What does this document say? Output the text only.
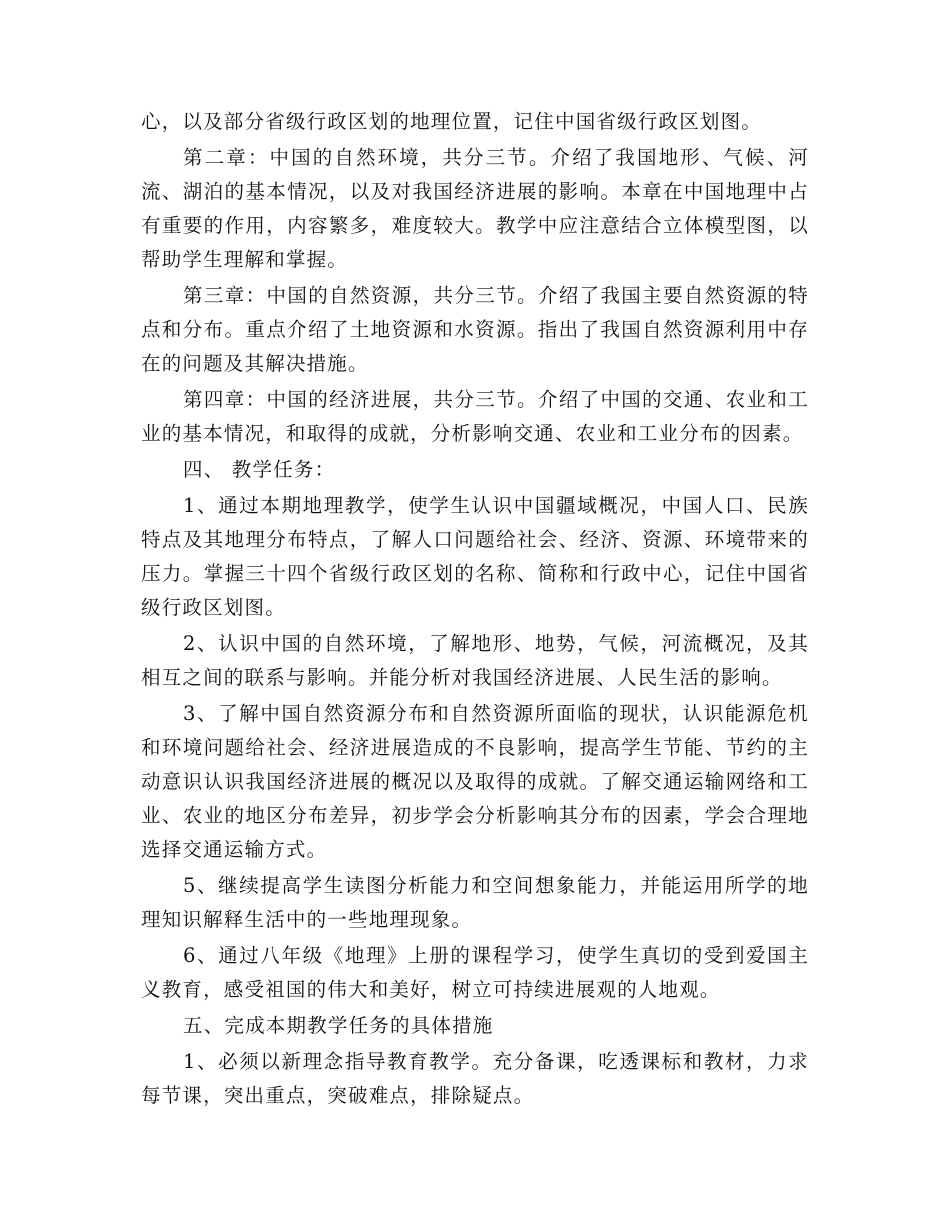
心，以及部分省级行政区划的地理位置，记住中国省级行政区划图。

第二章：中国的自然环境，共分三节。介绍了我国地形、气候、河流、湖泊的基本情况，以及对我国经济进展的影响。本章在中国地理中占有重要的作用，内容繁多，难度较大。教学中应注意结合立体模型图，以帮助学生理解和掌握。

第三章：中国的自然资源，共分三节。介绍了我国主要自然资源的特点和分布。重点介绍了土地资源和水资源。指出了我国自然资源利用中存在的问题及其解决措施。

第四章：中国的经济进展，共分三节。介绍了中国的交通、农业和工业的基本情况，和取得的成就，分析影响交通、农业和工业分布的因素。

四、 教学任务：

1、通过本期地理教学，使学生认识中国疆域概况，中国人口、民族特点及其地理分布特点，了解人口问题给社会、经济、资源、环境带来的压力。掌握三十四个省级行政区划的名称、简称和行政中心，记住中国省级行政区划图。

2、认识中国的自然环境，了解地形、地势，气候，河流概况，及其相互之间的联系与影响。并能分析对我国经济进展、人民生活的影响。

3、了解中国自然资源分布和自然资源所面临的现状，认识能源危机和环境问题给社会、经济进展造成的不良影响，提高学生节能、节约的主动意识认识我国经济进展的概况以及取得的成就。了解交通运输网络和工业、农业的地区分布差异，初步学会分析影响其分布的因素，学会合理地选择交通运输方式。

5、继续提高学生读图分析能力和空间想象能力，并能运用所学的地理知识解释生活中的一些地理现象。

6、通过八年级《地理》上册的课程学习，使学生真切的受到爱国主义教育，感受祖国的伟大和美好，树立可持续进展观的人地观。

五、完成本期教学任务的具体措施

1、必须以新理念指导教育教学。充分备课，吃透课标和教材，力求每节课，突出重点，突破难点，排除疑点。
